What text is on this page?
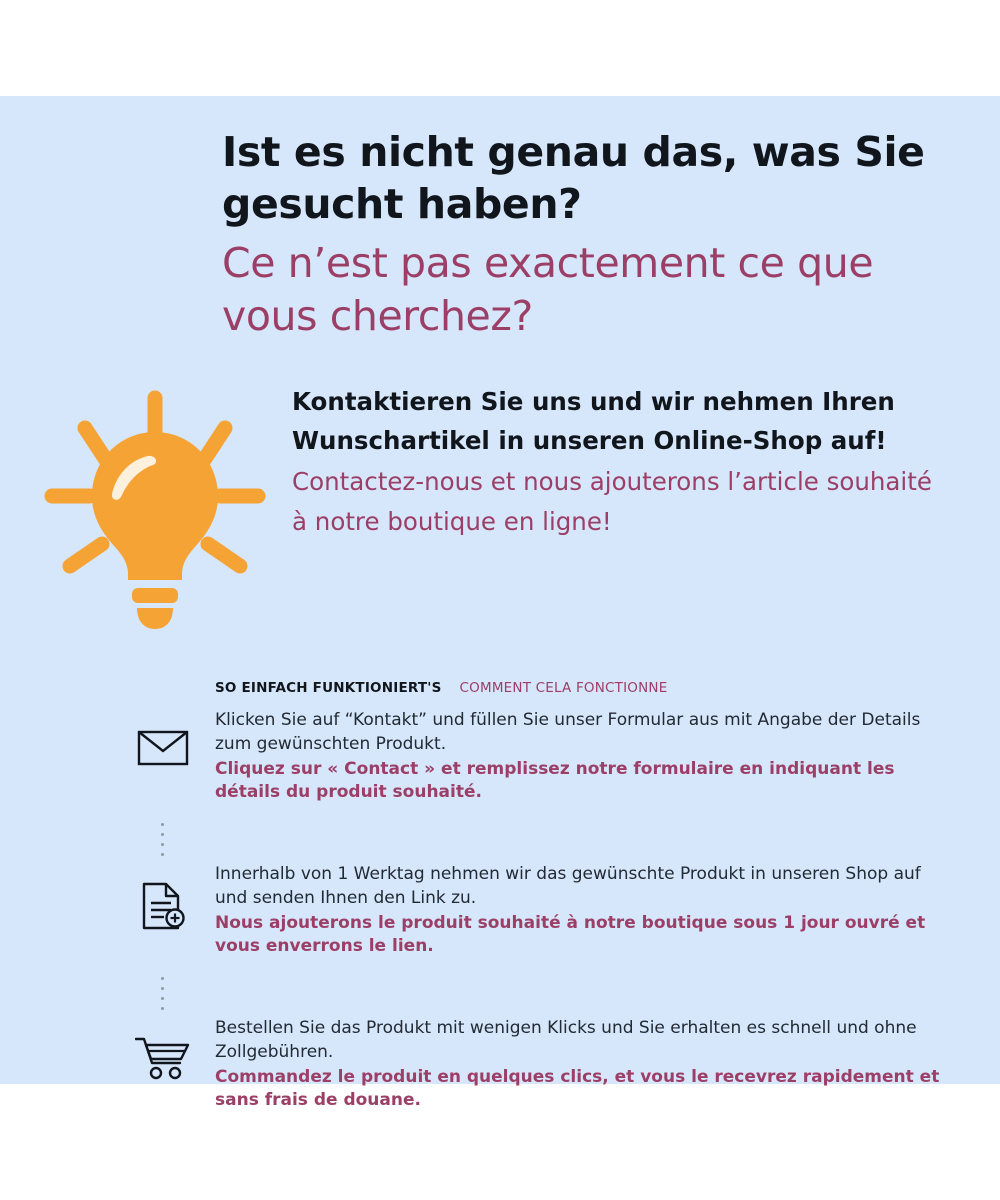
Ist es nicht genau das, was Sie gesucht haben?
Ce n’est pas exactement ce que vous cherchez?
Kontaktieren Sie uns und wir nehmen Ihren Wunschartikel in unseren Online-Shop auf!
Contactez-nous et nous ajouterons l’article souhaité à notre boutique en ligne!
SO EINFACH FUNKTIONIERT'S COMMENT CELA FONCTIONNE
Klicken Sie auf “Kontakt” und füllen Sie unser Formular aus mit Angabe der Details zum gewünschten Produkt.
Cliquez sur « Contact » et remplissez notre formulaire en indiquant les détails du produit souhaité.
Innerhalb von 1 Werktag nehmen wir das gewünschte Produkt in unseren Shop auf und senden Ihnen den Link zu.
Nous ajouterons le produit souhaité à notre boutique sous 1 jour ouvré et vous enverrons le lien.
Bestellen Sie das Produkt mit wenigen Klicks und Sie erhalten es schnell und ohne Zollgebühren.
Commandez le produit en quelques clics, et vous le recevrez rapidement et sans frais de douane.
